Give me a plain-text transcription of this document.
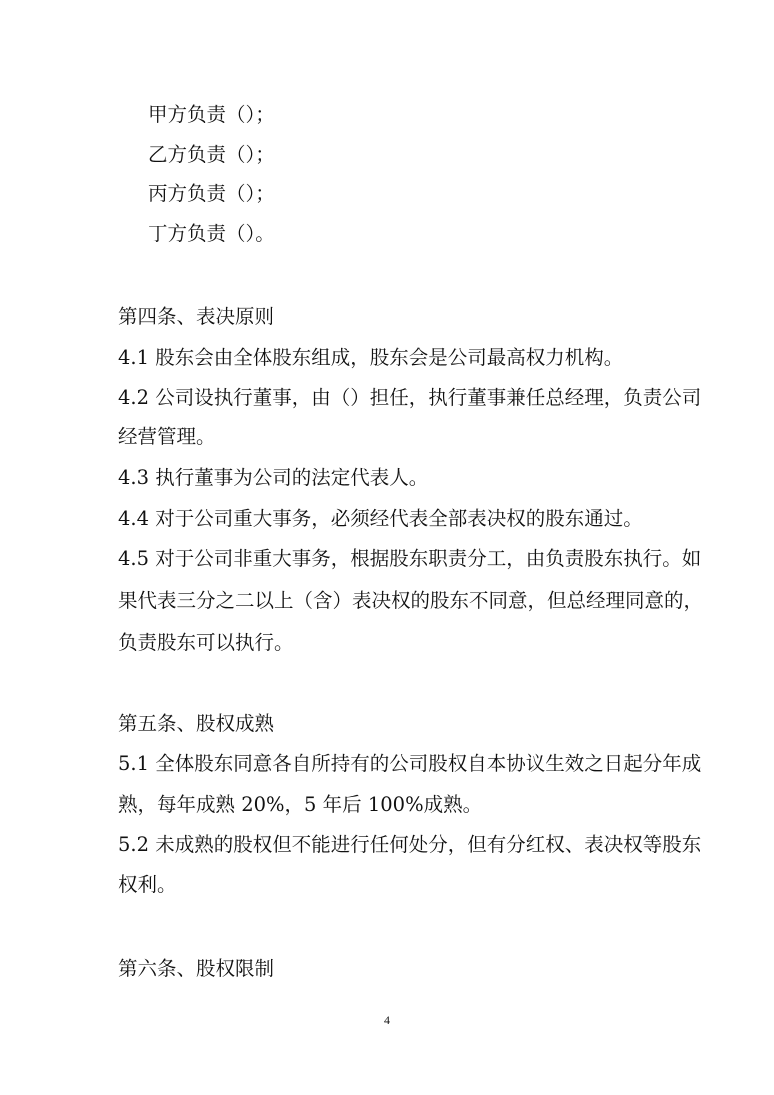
甲方负责（）；
乙方负责（）；
丙方负责（）；
丁方负责（）。
第四条、表决原则
4.1 股东会由全体股东组成，股东会是公司最高权力机构。
4.2 公司设执行董事，由（）担任，执行董事兼任总经理，负责公司
经营管理。
4.3 执行董事为公司的法定代表人。
4.4 对于公司重大事务，必须经代表全部表决权的股东通过。
4.5 对于公司非重大事务，根据股东职责分工，由负责股东执行。如
果代表三分之二以上（含）表决权的股东不同意，但总经理同意的，
负责股东可以执行。
第五条、股权成熟
5.1 全体股东同意各自所持有的公司股权自本协议生效之日起分年成
熟，每年成熟 20%，5 年后 100%成熟。
5.2 未成熟的股权但不能进行任何处分，但有分红权、表决权等股东
权利。
第六条、股权限制
4
